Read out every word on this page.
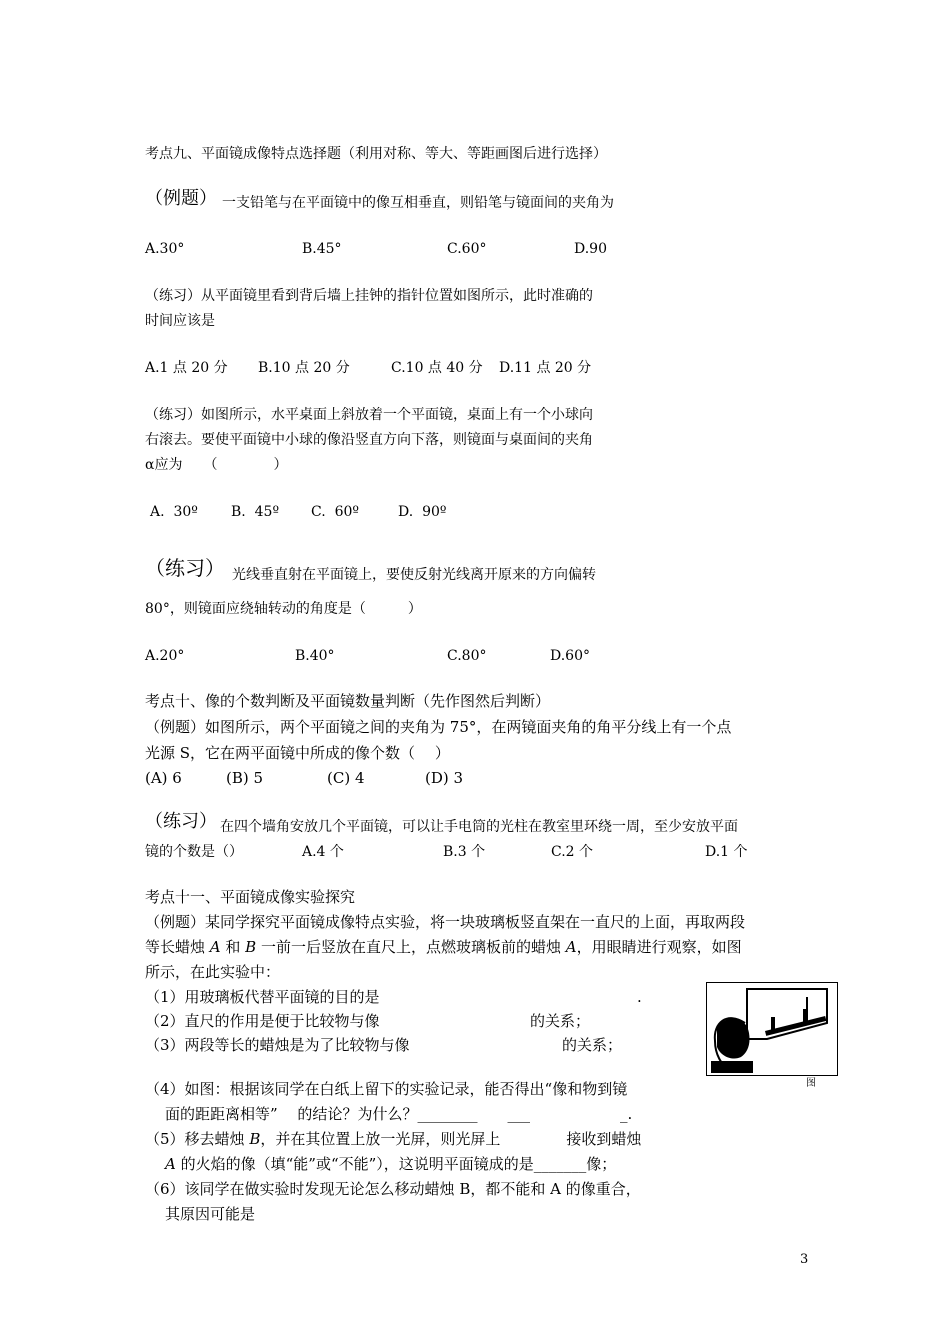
考点九、平面镜成像特点选择题（利用对称、等大、等距画图后进行选择）
（例题） 一支铅笔与在平面镜中的像互相垂直，则铅笔与镜面间的夹角为
A.30°	B.45°	C.60°	D.90
（练习）从平面镜里看到背后墙上挂钟的指针位置如图所示，此时准确的
时间应该是
A.1 点 20 分 B.10 点 20 分	C.10 点 40 分 D.11 点 20 分
（练习）如图所示，水平桌面上斜放着一个平面镜，桌面上有一个小球向
右滚去。要使平面镜中小球的像沿竖直方向下落，则镜面与桌面间的夹角
α应为　　（　　　　）
A.  30º B.  45º C.  60º	D.  90º
（练习） 光线垂直射在平面镜上，要使反射光线离开原来的方向偏转
80°，则镜面应绕轴转动的角度是（　　　）
A.20°	B.40°	C.80°	D.60°
考点十、像的个数判断及平面镜数量判断（先作图然后判断）
（例题）如图所示，两个平面镜之间的夹角为 75°，在两镜面夹角的角平分线上有一个点
光源 S，它在两平面镜中所成的像个数（　 ）
(A) 6	(B) 5	(C) 4	(D) 3
（练习） 在四个墙角安放几个平面镜，可以让手电筒的光柱在教室里环绕一周，至少安放平面
镜的个数是（）	A.4 个	B.3 个	C.2 个	D.1 个
考点十一、平面镜成像实验探究
（例题）某同学探究平面镜成像特点实验，将一块玻璃板竖直架在一直尺的上面，再取两段
等长蜡烛 A 和 B 一前一后竖放在直尺上，点燃玻璃板前的蜡烛 A，用眼睛进行观察，如图
所示，在此实验中：
（1）用玻璃板代替平面镜的目的是	.
（2）直尺的作用是便于比较物与像	的关系；
（3）两段等长的蜡烛是为了比较物与像	的关系；
（4）如图：根据该同学在白纸上留下的实验记录，能否得出“像和物到镜
面的距距离相等”　 的结论？为什么？________　　___　　　　　　_.
（5）移去蜡烛 B，并在其位置上放一光屏，则光屏上	接收到蜡烛
A 的火焰的像（填“能”或“不能”），这说明平面镜成的是_______像；
（6）该同学在做实验时发现无论怎么移动蜡烛 B，都不能和 A 的像重合，
其原因可能是
图
3
